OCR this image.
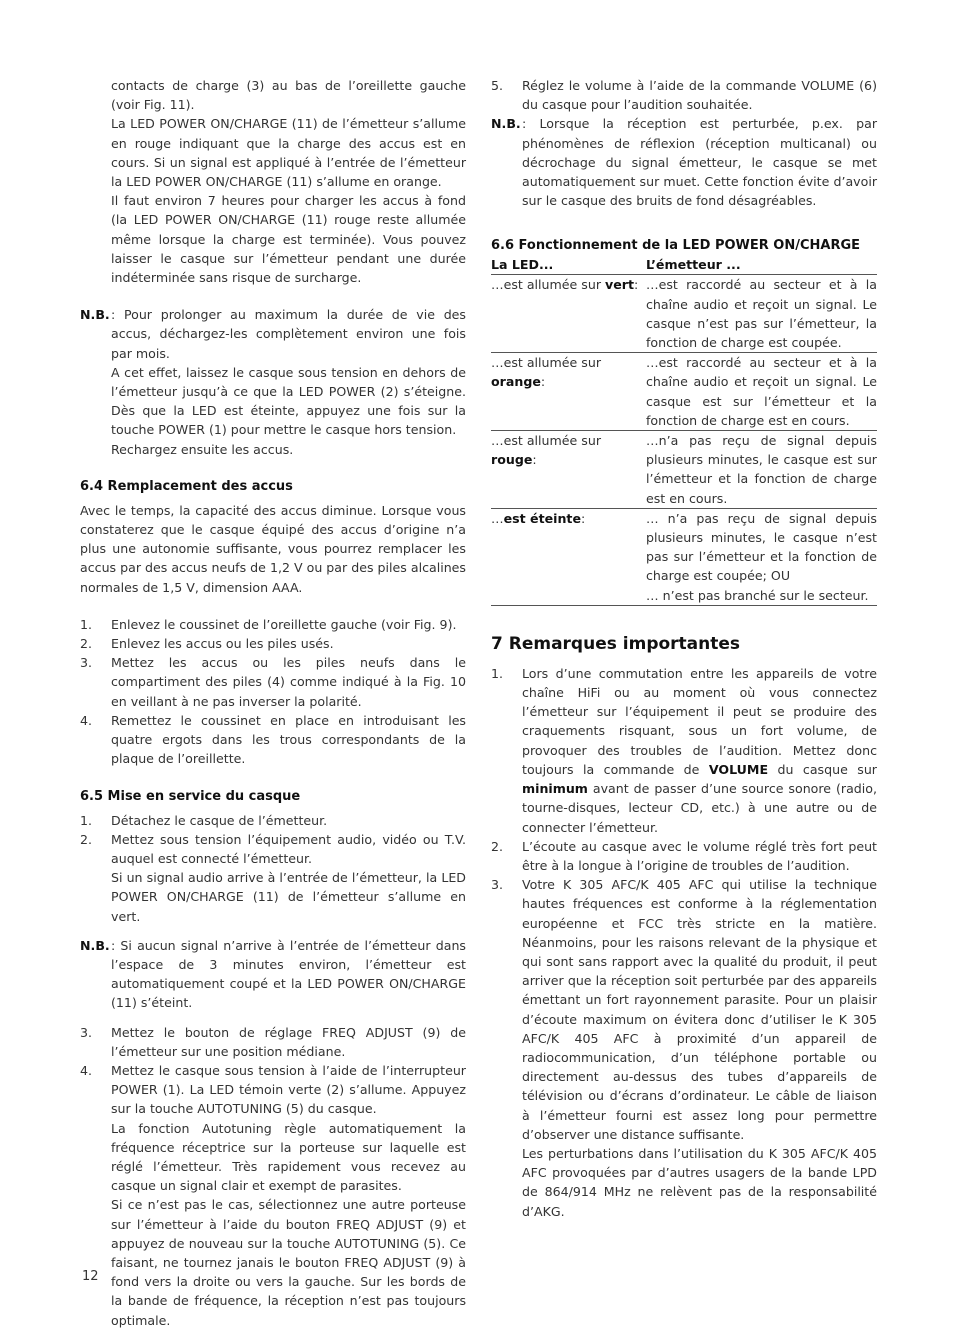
contacts de charge (3) au bas de l’oreillette gauche (voir Fig. 11).

La LED POWER ON/CHARGE (11) de l’émetteur s’allume en rouge indiquant que la charge des accus est en cours. Si un signal est appliqué à l’entrée de l’émetteur la LED POWER ON/CHARGE (11) s’allume en orange.

Il faut environ 7 heures pour charger les accus à fond (la LED POWER ON/CHARGE (11) rouge reste allumée même lorsque la charge est terminée). Vous pouvez laisser le casque sur l’émetteur pendant une durée indéterminée sans risque de surcharge.

N.B. : Pour prolonger au maximum la durée de vie des accus, déchargez-les complètement environ une fois par mois.

A cet effet, laissez le casque sous tension en dehors de l’émetteur jusqu’à ce que la LED POWER (2) s’éteigne. Dès que la LED est éteinte, appuyez une fois sur la touche POWER (1) pour mettre le casque hors tension.

Rechargez ensuite les accus.

6.4 Remplacement des accus

Avec le temps, la capacité des accus diminue. Lorsque vous constaterez que le casque équipé des accus d’origine n’a plus une autonomie suffisante, vous pourrez remplacer les accus par des accus neufs de 1,2 V ou par des piles alcalines normales de 1,5 V, dimension AAA.

1. Enlevez le coussinet de l’oreillette gauche (voir Fig. 9).
2. Enlevez les accus ou les piles usés.
3. Mettez les accus ou les piles neufs dans le compartiment des piles (4) comme indiqué à la Fig. 10 en veillant à ne pas inverser la polarité.
4. Remettez le coussinet en place en introduisant les quatre ergots dans les trous correspondants de la plaque de l’oreillette.
6.5 Mise en service du casque
1. Détachez le casque de l’émetteur.
2. Mettez sous tension l’équipement audio, vidéo ou T.V. auquel est connecté l’émetteur.

Si un signal audio arrive à l’entrée de l’émetteur, la LED POWER ON/CHARGE (11) de l’émetteur s’allume en vert.

N.B. : Si aucun signal n’arrive à l’entrée de l’émetteur dans l’espace de 3 minutes environ, l’émetteur est automatiquement coupé et la LED POWER ON/CHARGE (11) s’éteint.

3. Mettez le bouton de réglage FREQ ADJUST (9) de l’émetteur sur une position médiane.
4. Mettez le casque sous tension à l’aide de l’interrupteur POWER (1). La LED témoin verte (2) s’allume. Appuyez sur la touche AUTOTUNING (5) du casque.

La fonction Autotuning règle automatiquement la fréquence réceptrice sur la porteuse sur laquelle est réglé l’émetteur. Très rapidement vous recevez au casque un signal clair et exempt de parasites.

Si ce n’est pas le cas, sélectionnez une autre porteuse sur l’émetteur à l’aide du bouton FREQ ADJUST (9) et appuyez de nouveau sur la touche AUTOTUNING (5). Ce faisant, ne tournez janais le bouton FREQ ADJUST (9) à fond vers la droite ou vers la gauche. Sur les bords de la bande de fréquence, la réception n’est pas toujours optimale.

5. Réglez le volume à l’aide de la commande VOLUME (6) du casque pour l’audition souhaitée.
N.B. : Lorsque la réception est perturbée, p.ex. par phénomènes de réflexion (réception multicanal) ou décrochage du signal émetteur, le casque se met automatiquement sur muet. Cette fonction évite d’avoir sur le casque des bruits de fond désagréables.

6.6 Fonctionnement de la LED POWER ON/CHARGE
La LED...	L’émetteur ...
…est allumée sur vert:	…est raccordé au secteur et à la chaîne audio et reçoit un signal. Le casque n’est pas sur l’émetteur, la fonction de charge est coupée.
…est allumée sur orange:	…est raccordé au secteur et à la chaîne audio et reçoit un signal. Le casque est sur l’émetteur et la fonction de charge est en cours.
…est allumée sur rouge:	…n’a pas reçu de signal depuis plusieurs minutes, le casque est sur l’émetteur et la fonction de charge est en cours.
…est éteinte:	… n’a pas reçu de signal depuis plusieurs minutes, le casque n’est pas sur l’émetteur et la fonction de charge est coupée; OU
… n’est pas branché sur le secteur.
7 Remarques importantes
1. Lors d’une commutation entre les appareils de votre chaîne HiFi ou au moment où vous connectez l’émetteur sur l’équipement il peut se produire des craquements risquant, sous un fort volume, de provoquer des troubles de l’audition. Mettez donc toujours la commande de VOLUME du casque sur minimum avant de passer d’une source sonore (radio, tourne-disques, lecteur CD, etc.) à une autre ou de connecter l’émetteur.
2. L’écoute au casque avec le volume réglé très fort peut être à la longue à l’origine de troubles de l’audition.
3. Votre K 305 AFC/K 405 AFC qui utilise la technique hautes fréquences est conforme à la réglementation européenne et FCC très stricte en la matière. Néanmoins, pour les raisons relevant de la physique et qui sont sans rapport avec la qualité du produit, il peut arriver que la réception soit perturbée par des appareils émettant un fort rayonnement parasite. Pour un plaisir d’écoute maximum on évitera donc d’utiliser le K 305 AFC/K 405 AFC à proximité d’un appareil de radiocommunication, d’un téléphone portable ou directement au-dessus des tubes d’appareils de télévision ou d’écrans d’ordinateur. Le câble de liaison à l’émetteur fourni est assez long pour permettre d’observer une distance suffisante.

Les perturbations dans l’utilisation du K 305 AFC/K 405 AFC provoquées par d’autres usagers de la bande LPD de 864/914 MHz ne relèvent pas de la responsabilité d’AKG.

12
